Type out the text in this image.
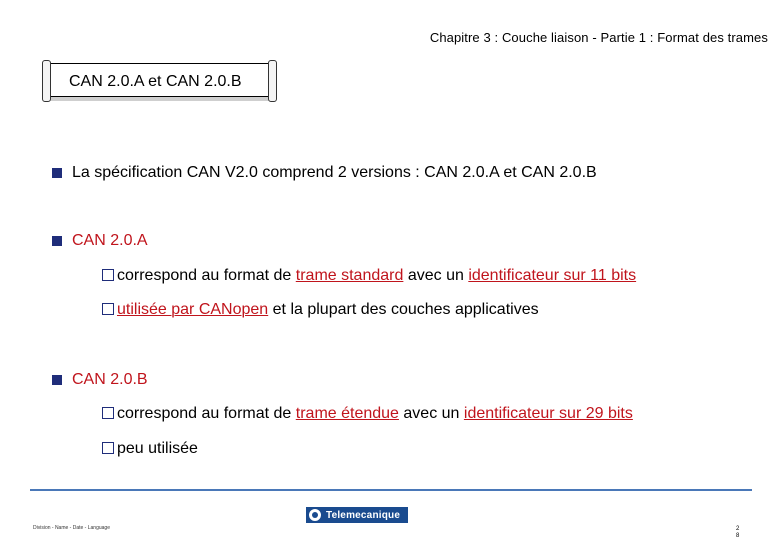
Chapitre 3 : Couche liaison - Partie 1 : Format des trames
CAN 2.0.A et CAN 2.0.B
La spécification CAN V2.0 comprend 2 versions : CAN 2.0.A et CAN 2.0.B
CAN 2.0.A
correspond au format de trame standard avec un identificateur sur 11 bits
utilisée par CANopen et la plupart des couches applicatives
CAN 2.0.B
correspond au format de trame étendue avec un identificateur sur 29 bits
peu utilisée
Division - Name - Date - Language
Telemecanique
2
8
